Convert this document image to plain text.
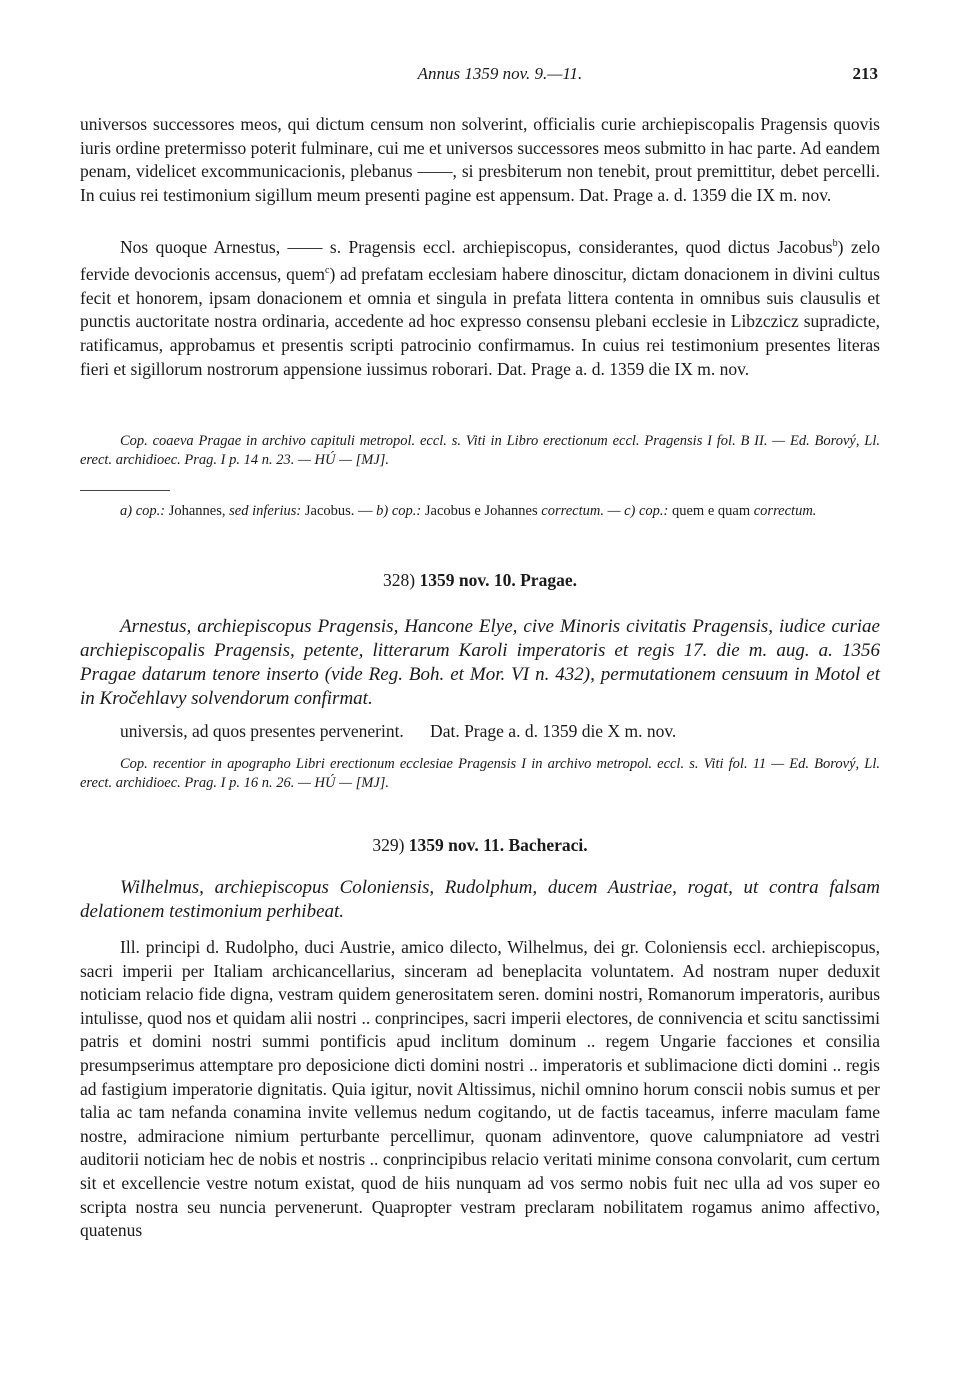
Annus 1359 nov. 9.—11.	213

universos successores meos, qui dictum censum non solverint, officialis curie archiepiscopalis Pragensis quovis iuris ordine pretermisso poterit fulminare, cui me et universos successores meos submitto in hac parte. Ad eandem penam, videlicet excommunicacionis, plebanus ——, si presbiterum non tenebit, prout premittitur, debet percelli. In cuius rei testimonium sigillum meum presenti pagine est appensum. Dat. Prage a. d. 1359 die IX m. nov.

Nos quoque Arnestus, —— s. Pragensis eccl. archiepiscopus, considerantes, quod dictus Jacobus$^b$) zelo fervide devocionis accensus, quem$^c$) ad prefatam ecclesiam habere dinoscitur, dictam donacionem in divini cultus fecit et honorem, ipsam donacionem et omnia et singula in prefata littera contenta in omnibus suis clausulis et punctis auctoritate nostra ordinaria, accedente ad hoc expresso consensu plebani ecclesie in Libzczicz supradicte, ratificamus, approbamus et presentis scripti patrocinio confirmamus. In cuius rei testimonium presentes literas fieri et sigillorum nostrorum appensione iussimus roborari. Dat. Prage a. d. 1359 die IX m. nov.

Cop. coaeva Pragae in archivo capituli metropol. eccl. s. Viti in Libro erectionum eccl. Pragensis I fol. B II. — Ed. Borový, Ll. erect. archidioec. Prag. I p. 14 n. 23. — HÚ — [MJ].

a) cop.: Johannes, sed inferius: Jacobus. — b) cop.: Jacobus e Johannes correctum. — c) cop.: quem e quam correctum.

328) 1359 nov. 10. Pragae.

Arnestus, archiepiscopus Pragensis, Hancone Elye, cive Minoris civitatis Pragensis, iudice curiae archiepiscopalis Pragensis, petente, litterarum Karoli imperatoris et regis 17. die m. aug. a. 1356 Pragae datarum tenore inserto (vide Reg. Boh. et Mor. VI n. 432), permutationem censuum in Motol et in Kročehlavy solvendorum confirmat.

universis, ad quos presentes pervenerint.      Dat. Prage a. d. 1359 die X m. nov.

Cop. recentior in apographo Libri erectionum ecclesiae Pragensis I in archivo metropol. eccl. s. Viti fol. 11 — Ed. Borový, Ll. erect. archidioec. Prag. I p. 16 n. 26. — HÚ — [MJ].

329) 1359 nov. 11. Bacheraci.

Wilhelmus, archiepiscopus Coloniensis, Rudolphum, ducem Austriae, rogat, ut contra falsam delationem testimonium perhibeat.

Ill. principi d. Rudolpho, duci Austrie, amico dilecto, Wilhelmus, dei gr. Coloniensis eccl. archiepiscopus, sacri imperii per Italiam archicancellarius, sinceram ad beneplacita voluntatem. Ad nostram nuper deduxit noticiam relacio fide digna, vestram quidem generositatem seren. domini nostri, Romanorum imperatoris, auribus intulisse, quod nos et quidam alii nostri .. conprincipes, sacri imperii electores, de connivencia et scitu sanctissimi patris et domini nostri summi pontificis apud inclitum dominum .. regem Ungarie facciones et consilia presumpserimus attemptare pro deposicione dicti domini nostri .. imperatoris et sublimacione dicti domini .. regis ad fastigium imperatorie dignitatis. Quia igitur, novit Altissimus, nichil omnino horum conscii nobis sumus et per talia ac tam nefanda conamina invite vellemus nedum cogitando, ut de factis taceamus, inferre maculam fame nostre, admiracione nimium perturbante percellimur, quonam adinventore, quove calumpniatore ad vestri auditorii noticiam hec de nobis et nostris .. conprincipibus relacio veritati minime consona convolarit, cum certum sit et excellencie vestre notum existat, quod de hiis nunquam ad vos sermo nobis fuit nec ulla ad vos super eo scripta nostra seu nuncia pervenerunt. Quapropter vestram preclaram nobilitatem rogamus animo affectivo, quatenus
